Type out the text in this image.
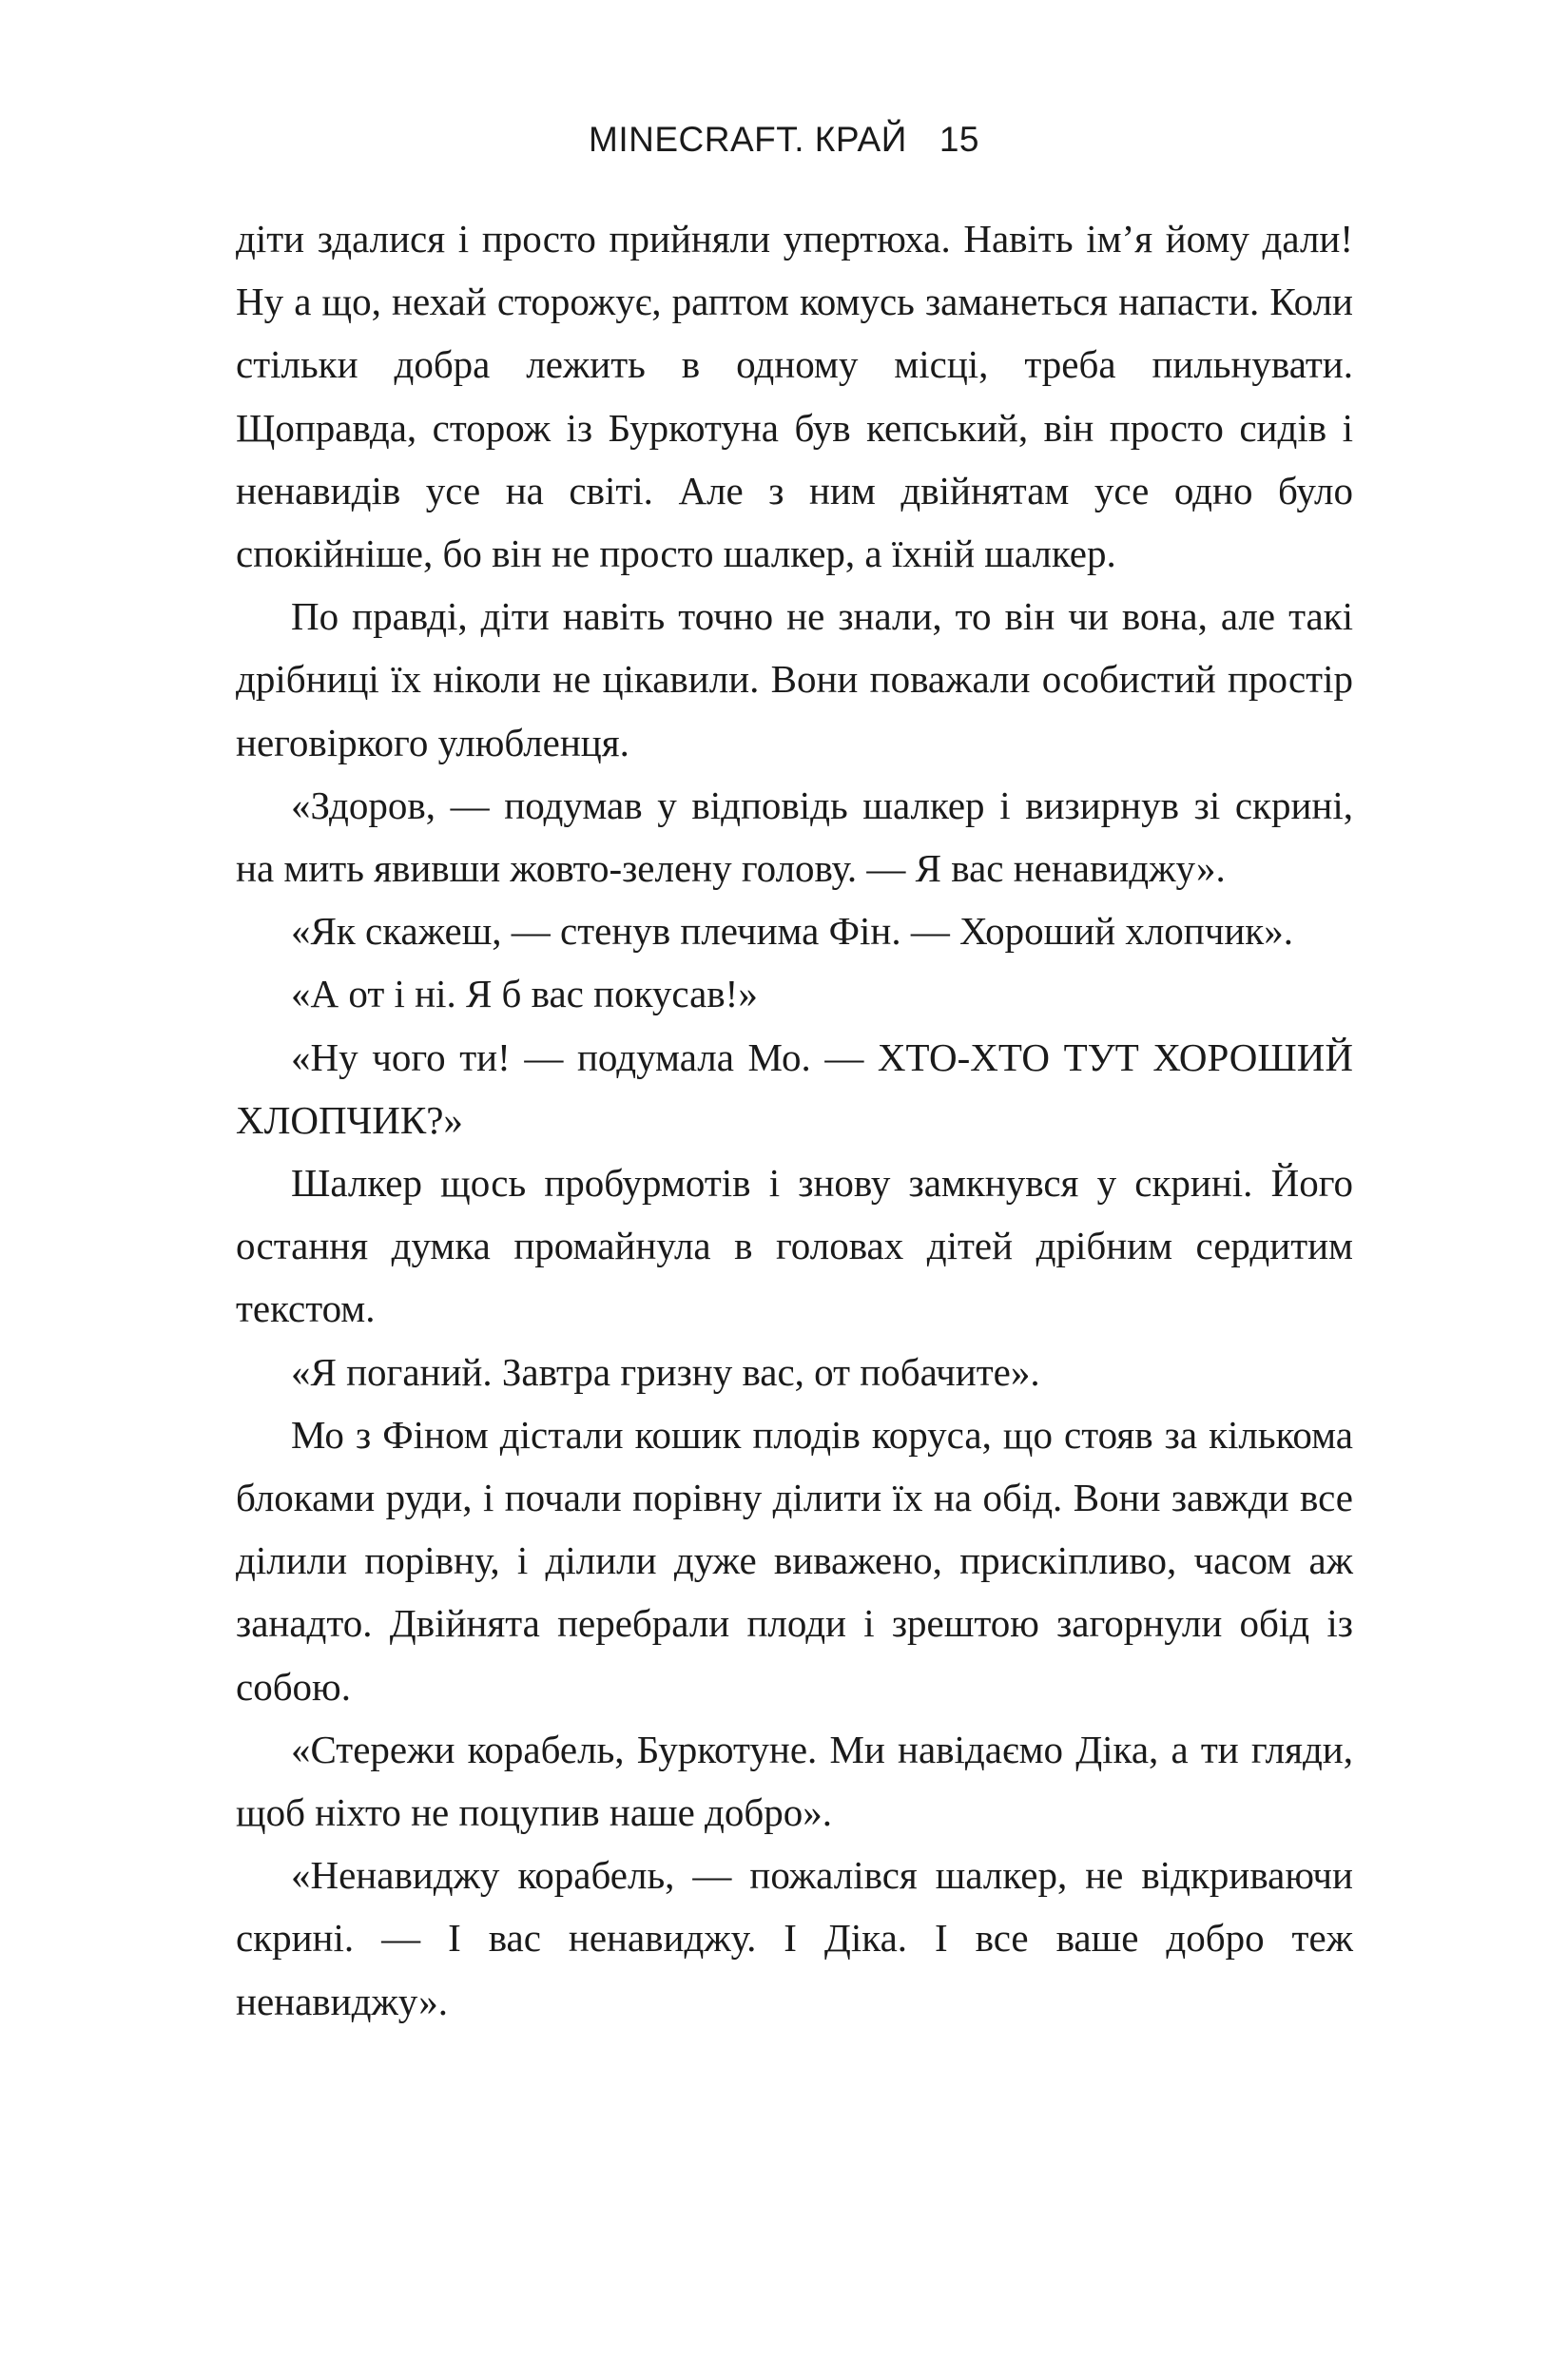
MINECRAFT. КРАЙ 15

діти здалися і просто прийняли упертюха. Навіть ім’я йому дали! Ну а що, нехай сторожує, раптом комусь заманеться напасти. Коли стільки добра лежить в одному місці, треба пильнувати. Щоправда, сторож із Буркотуна був кепський, він просто сидів і ненавидів усе на світі. Але з ним двійнятам усе одно було спокійніше, бо він не просто шалкер, а їхній шалкер.

По правді, діти навіть точно не знали, то він чи вона, але такі дрібниці їх ніколи не цікавили. Вони поважали особистий простір неговіркого улюбленця.

«Здоров, — подумав у відповідь шалкер і визирнув зі скрині, на мить явивши жовто-зелену голову. — Я вас ненавиджу».

«Як скажеш, — стенув плечима Фін. — Хороший хлопчик».

«А от і ні. Я б вас покусав!»

«Ну чого ти! — подумала Мо. — ХТО-ХТО ТУТ ХОРОШИЙ ХЛОПЧИК?»

Шалкер щось пробурмотів і знову замкнувся у скрині. Його остання думка промайнула в головах дітей дрібним сердитим текстом.

«Я поганий. Завтра гризну вас, от побачите».

Мо з Фіном дістали кошик плодів коруса, що стояв за кількома блоками руди, і почали порівну ділити їх на обід. Вони завжди все ділили порівну, і ділили дуже виважено, прискіпливо, часом аж занадто. Двійнята перебрали плоди і зрештою загорнули обід із собою.

«Стережи корабель, Буркотуне. Ми навідаємо Діка, а ти гляди, щоб ніхто не поцупив наше добро».

«Ненавиджу корабель, — пожалівся шалкер, не відкриваючи скрині. — І вас ненавиджу. І Діка. І все ваше добро теж ненавиджу».
